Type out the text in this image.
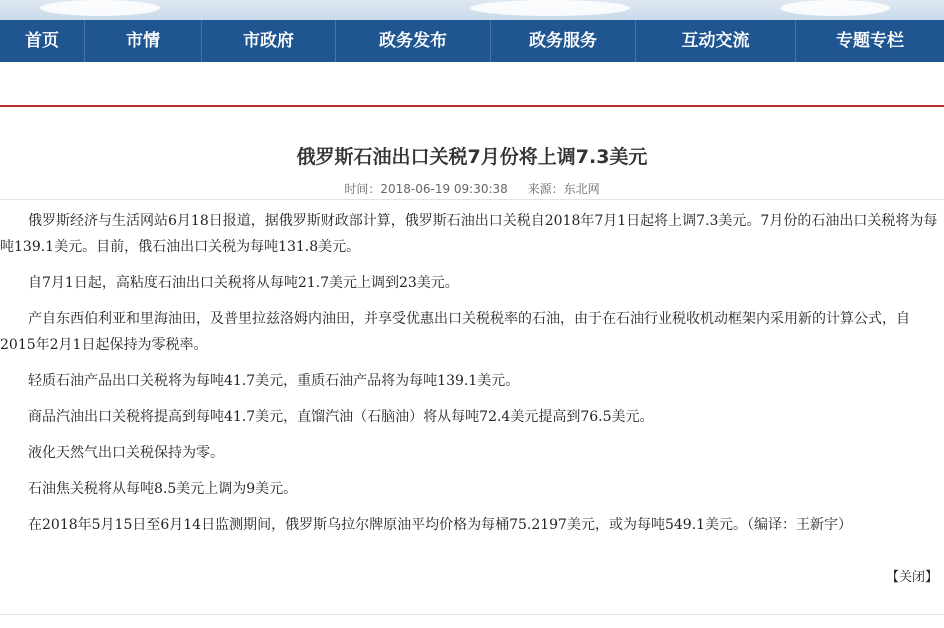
首页	市情	市政府	政务发布	政务服务	互动交流	专题专栏
俄罗斯石油出口关税7月份将上调7.3美元
时间：2018-06-19 09:30:38 来源：东北网

俄罗斯经济与生活网站6月18日报道，据俄罗斯财政部计算，俄罗斯石油出口关税自2018年7月1日起将上调7.3美元。7月份的石油出口关税将为每吨139.1美元。目前，俄石油出口关税为每吨131.8美元。

自7月1日起，高粘度石油出口关税将从每吨21.7美元上调到23美元。

产自东西伯利亚和里海油田，及普里拉兹洛姆内油田，并享受优惠出口关税税率的石油，由于在石油行业税收机动框架内采用新的计算公式，自2015年2月1日起保持为零税率。

轻质石油产品出口关税将为每吨41.7美元，重质石油产品将为每吨139.1美元。

商品汽油出口关税将提高到每吨41.7美元，直馏汽油（石脑油）将从每吨72.4美元提高到76.5美元。

液化天然气出口关税保持为零。

石油焦关税将从每吨8.5美元上调为9美元。

在2018年5月15日至6月14日监测期间，俄罗斯乌拉尔牌原油平均价格为每桶75.2197美元，或为每吨549.1美元。（编译：王新宇）

【关闭】
